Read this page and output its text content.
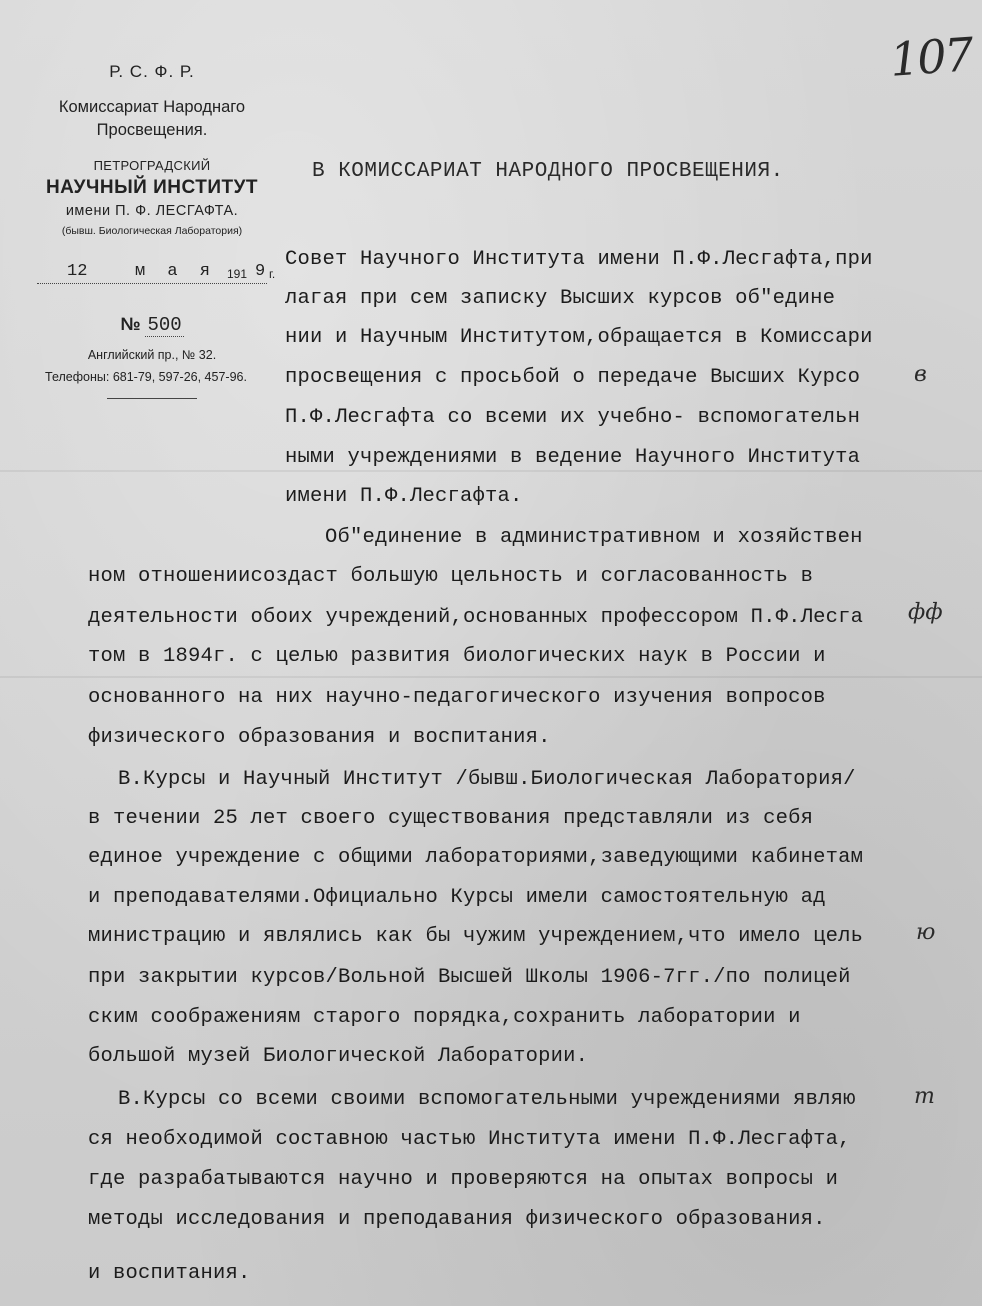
107
Р. С. Ф. Р.
Комиссариат Народнаго
Просвещения.
ПЕТРОГРАДСКИЙ
НАУЧНЫЙ ИНСТИТУТ
имени П. Ф. ЛЕСГАФТА.
(бывш. Биологическая Лаборатория)
12	м а я 191 9 г.
№ 500
Английский пр., № 32.
Телефоны: 681-79, 597-26, 457-96.
В КОМИССАРИАТ НАРОДНОГО ПРОСВЕЩЕНИЯ.
Совет Научного Института имени П.Ф.Лесгафта,при
лагая при сем записку Высших курсов об"едине
нии и Научным Институтом,обращается в Комиссари
просвещения с просьбой о передаче Высших Курсо
П.Ф.Лесгафта со всеми их учебно- вспомогательн
ными учреждениями в ведение Научного Института
имени П.Ф.Лесгафта.
Об"единение в административном и хозяйствен
ном отношениисоздаст большую цельность и согласованность в
деятельности обоих учреждений,основанных профессором П.Ф.Лесга
том в 1894г. с целью развития биологических наук в России и
основанного на них научно-педагогического изучения вопросов
физического образования и воспитания.
В.Курсы и Научный Институт /бывш.Биологическая Лаборатория/
в течении 25 лет своего существования представляли из себя
единое учреждение с общими лабораториями,заведующими кабинетам
и преподавателями.Официально Курсы имели самостоятельную ад
министрацию и являлись как бы чужим учреждением,что имело цель
при закрытии курсов/Вольной Высшей Школы 1906-7гг./по полицей
ским соображениям старого порядка,сохранить лаборатории и
большой музей Биологической Лаборатории.
В.Курсы со всеми своими вспомогательными учреждениями являю
ся необходимой составною частью Института имени П.Ф.Лесгафта,
где разрабатываются научно и проверяются на опытах вопросы и
методы исследования и преподавания физического образования.
и воспитания.
в
фф
ю
т
